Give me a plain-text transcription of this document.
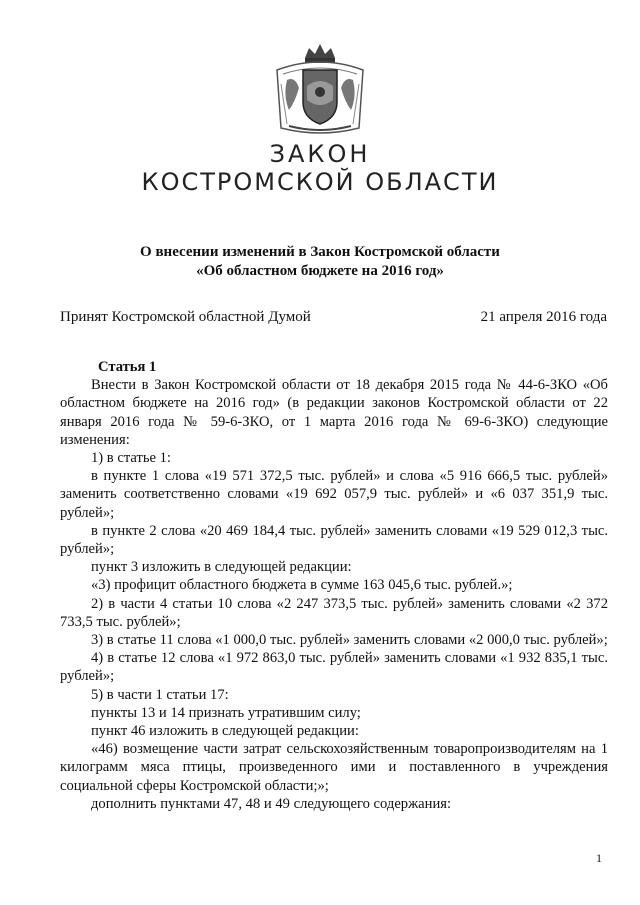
ЗАКОН
КОСТРОМСКОЙ ОБЛАСТИ
О внесении изменений в Закон Костромской области
«Об областном бюджете на 2016 год»
Принят Костромской областной Думой	21 апреля 2016 года
Статья 1

Внести в Закон Костромской области от 18 декабря 2015 года № 44-6-ЗКО «Об областном бюджете на 2016 год» (в редакции законов Костромской области от 22 января 2016 года № 59-6-ЗКО, от 1 марта 2016 года № 69-6-ЗКО) следующие изменения:

1) в статье 1:

в пункте 1 слова «19 571 372,5 тыс. рублей» и слова «5 916 666,5 тыс. рублей» заменить соответственно словами «19 692 057,9 тыс. рублей» и «6 037 351,9 тыс. рублей»;

в пункте 2 слова «20 469 184,4 тыс. рублей» заменить словами «19 529 012,3 тыс. рублей»;

пункт 3 изложить в следующей редакции:

«3) профицит областного бюджета в сумме 163 045,6 тыс. рублей.»;

2) в части 4 статьи 10 слова «2 247 373,5 тыс. рублей» заменить словами «2 372 733,5 тыс. рублей»;

3) в статье 11 слова «1 000,0 тыс. рублей» заменить словами «2 000,0 тыс. рублей»;

4) в статье 12 слова «1 972 863,0 тыс. рублей» заменить словами «1 932 835,1 тыс. рублей»;

5) в части 1 статьи 17:

пункты 13 и 14 признать утратившим силу;

пункт 46 изложить в следующей редакции:

«46) возмещение части затрат сельскохозяйственным товаропроизводителям на 1 килограмм мяса птицы, произведенного ими и поставленного в учреждения социальной сферы Костромской области;»;

дополнить пунктами 47, 48 и 49 следующего содержания:

1
